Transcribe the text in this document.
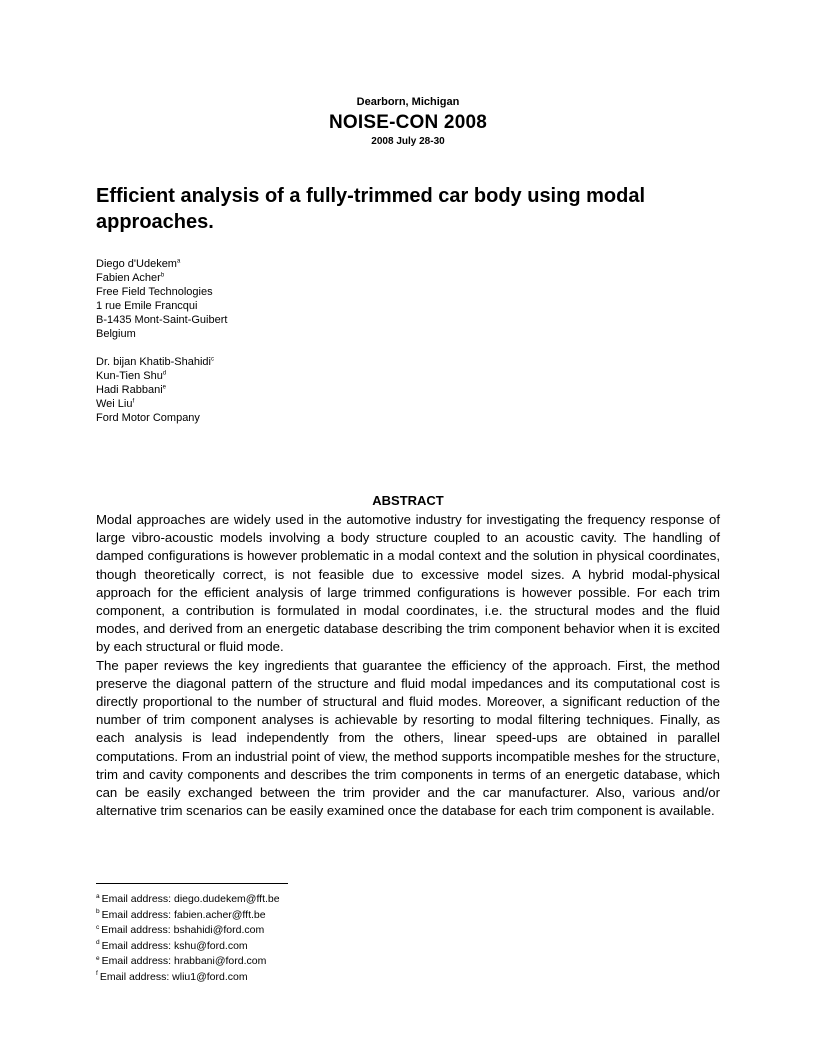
Dearborn, Michigan
NOISE-CON 2008
2008 July 28-30
Efficient analysis of a fully-trimmed car body using modal approaches.
Diego d'Udekem$^a$
Fabien Acher$^b$
Free Field Technologies
1 rue Emile Francqui
B-1435 Mont-Saint-Guibert
Belgium
Dr. bijan Khatib-Shahidi$^c$
Kun-Tien Shu$^d$
Hadi Rabbani$^e$
Wei Liu$^f$
Ford Motor Company
ABSTRACT

Modal approaches are widely used in the automotive industry for investigating the frequency response of large vibro-acoustic models involving a body structure coupled to an acoustic cavity. The handling of damped configurations is however problematic in a modal context and the solution in physical coordinates, though theoretically correct, is not feasible due to excessive model sizes. A hybrid modal-physical approach for the efficient analysis of large trimmed configurations is however possible. For each trim component, a contribution is formulated in modal coordinates, i.e. the structural modes and the fluid modes, and derived from an energetic database describing the trim component behavior when it is excited by each structural or fluid mode.

The paper reviews the key ingredients that guarantee the efficiency of the approach. First, the method preserve the diagonal pattern of the structure and fluid modal impedances and its computational cost is directly proportional to the number of structural and fluid modes. Moreover, a significant reduction of the number of trim component analyses is achievable by resorting to modal filtering techniques. Finally, as each analysis is lead independently from the others, linear speed-ups are obtained in parallel computations. From an industrial point of view, the method supports incompatible meshes for the structure, trim and cavity components and describes the trim components in terms of an energetic database, which can be easily exchanged between the trim provider and the car manufacturer. Also, various and/or alternative trim scenarios can be easily examined once the database for each trim component is available.

$^a$ Email address: diego.dudekem@fft.be
$^b$ Email address: fabien.acher@fft.be
$^c$ Email address: bshahidi@ford.com
$^d$ Email address: kshu@ford.com
$^e$ Email address: hrabbani@ford.com
$^f$ Email address: wliu1@ford.com
